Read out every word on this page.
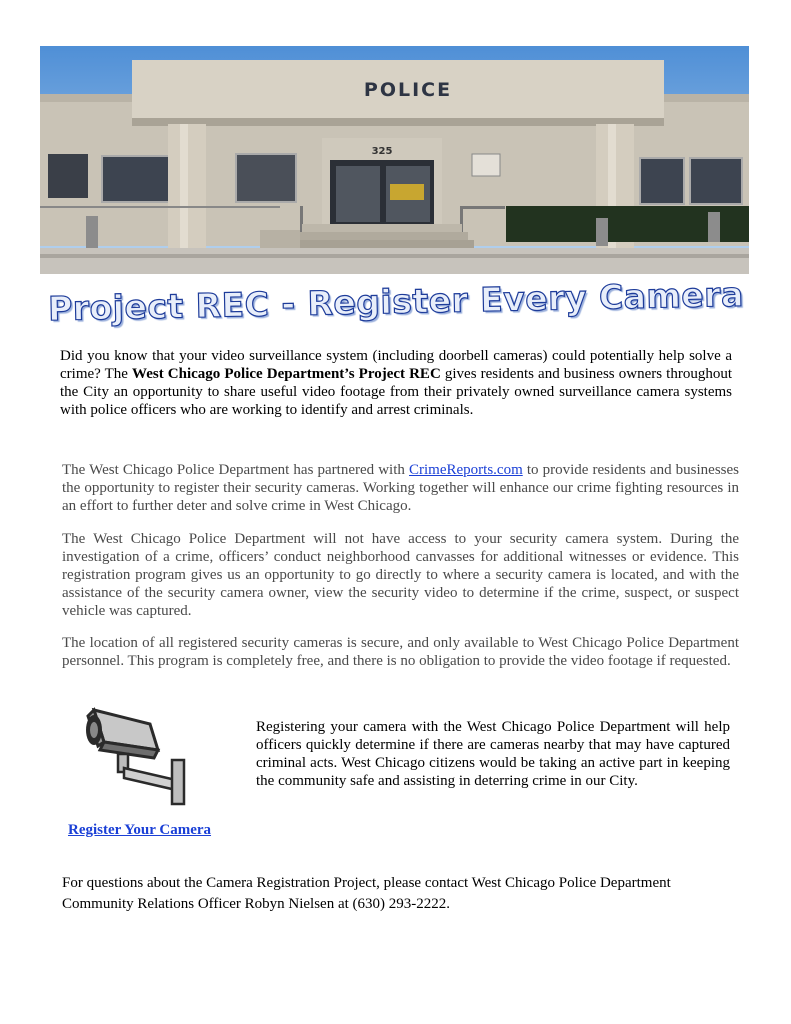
POLICE
325
Project REC - Register Every Camera

Did you know that your video surveillance system (including doorbell cameras) could potentially help solve a crime? The West Chicago Police Department’s Project REC gives residents and business owners throughout the City an opportunity to share useful video footage from their privately owned surveillance camera systems with police officers who are working to identify and arrest criminals.

The West Chicago Police Department has partnered with CrimeReports.com to provide residents and businesses the opportunity to register their security cameras. Working together will enhance our crime fighting resources in an effort to further deter and solve crime in West Chicago.

The West Chicago Police Department will not have access to your security camera system. During the investigation of a crime, officers’ conduct neighborhood canvasses for additional witnesses or evidence. This registration program gives us an opportunity to go directly to where a security camera is located, and with the assistance of the security camera owner, view the security video to determine if the crime, suspect, or suspect vehicle was captured.

The location of all registered security cameras is secure, and only available to West Chicago Police Department personnel. This program is completely free, and there is no obligation to provide the video footage if requested.

Register Your Camera

Registering your camera with the West Chicago Police Department will help officers quickly determine if there are cameras nearby that may have captured criminal acts. West Chicago citizens would be taking an active part in keeping the community safe and assisting in deterring crime in our City.

For questions about the Camera Registration Project, please contact West Chicago Police Department Community Relations Officer Robyn Nielsen at (630) 293-2222.
